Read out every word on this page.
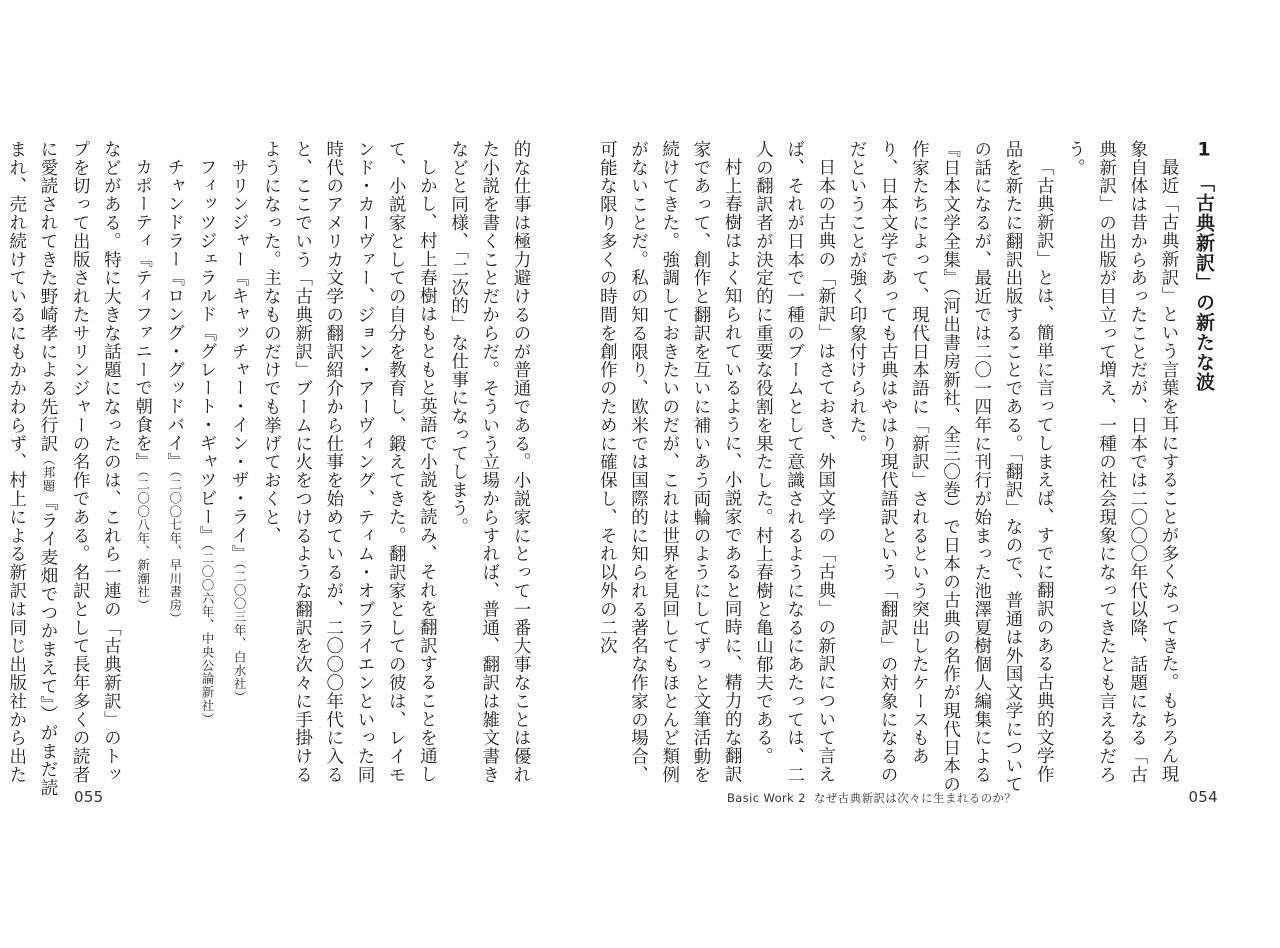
1「古典新訳」の新たな波

最近「古典新訳」という言葉を耳にすることが多くなってきた。もちろん現象自体は昔からあったことだが、日本では二〇〇〇年代以降、話題になる「古典新訳」の出版が目立って増え、一種の社会現象になってきたとも言えるだろう。

「古典新訳」とは、簡単に言ってしまえば、すでに翻訳のある古典的文学作品を新たに翻訳出版することである。「翻訳」なので、普通は外国文学についての話になるが、最近では二〇一四年に刊行が始まった池澤夏樹個人編集による『日本文学全集』（河出書房新社、全三〇巻）で日本の古典の名作が現代日本の作家たちによって、現代日本語に「新訳」されるという突出したケースもあり、日本文学であっても古典はやはり現代語訳という「翻訳」の対象になるのだということが強く印象付けられた。

日本の古典の「新訳」はさておき、外国文学の「古典」の新訳について言えば、それが日本で一種のブームとして意識されるようになるにあたっては、二人の翻訳者が決定的に重要な役割を果たした。村上春樹と亀山郁夫である。

村上春樹はよく知られているように、小説家であると同時に、精力的な翻訳家であって、創作と翻訳を互いに補いあう両輪のようにしてずっと文筆活動を続けてきた。強調しておきたいのだが、これは世界を見回してもほとんど類例がないことだ。私の知る限り、欧米では国際的に知られる著名な作家の場合、可能な限り多くの時間を創作のために確保し、それ以外の二次

Basic Work 2 なぜ古典新訳は次々に生まれるのか？	054

的な仕事は極力避けるのが普通である。小説家にとって一番大事なことは優れた小説を書くことだからだ。そういう立場からすれば、普通、翻訳は雑文書きなどと同様、「二次的」な仕事になってしまう。

しかし、村上春樹はもともと英語で小説を読み、それを翻訳することを通して、小説家としての自分を教育し、鍛えてきた。翻訳家としての彼は、レイモンド・カーヴァー、ジョン・アーヴィング、ティム・オブライエンといった同時代のアメリカ文学の翻訳紹介から仕事を始めているが、二〇〇〇年代に入ると、ここでいう「古典新訳」ブームに火をつけるような翻訳を次々に手掛けるようになった。主なものだけでも挙げておくと、

サリンジャー『キャッチャー・イン・ザ・ライ』（二〇〇三年、白水社）

フィッツジェラルド『グレート・ギャツビー』（二〇〇六年、中央公論新社）

チャンドラー『ロング・グッドバイ』（二〇〇七年、早川書房）

カポーティ『ティファニーで朝食を』（二〇〇八年、新潮社）

などがある。特に大きな話題になったのは、これら一連の「古典新訳」のトップを切って出版されたサリンジャーの名作である。名訳として長年多くの読者に愛読されてきた野崎孝による先行訳（邦題『ライ麦畑でつかまえて』）がまだ読まれ、売れ続けているにもかかわらず、村上による新訳は同じ出版社から出た

055
